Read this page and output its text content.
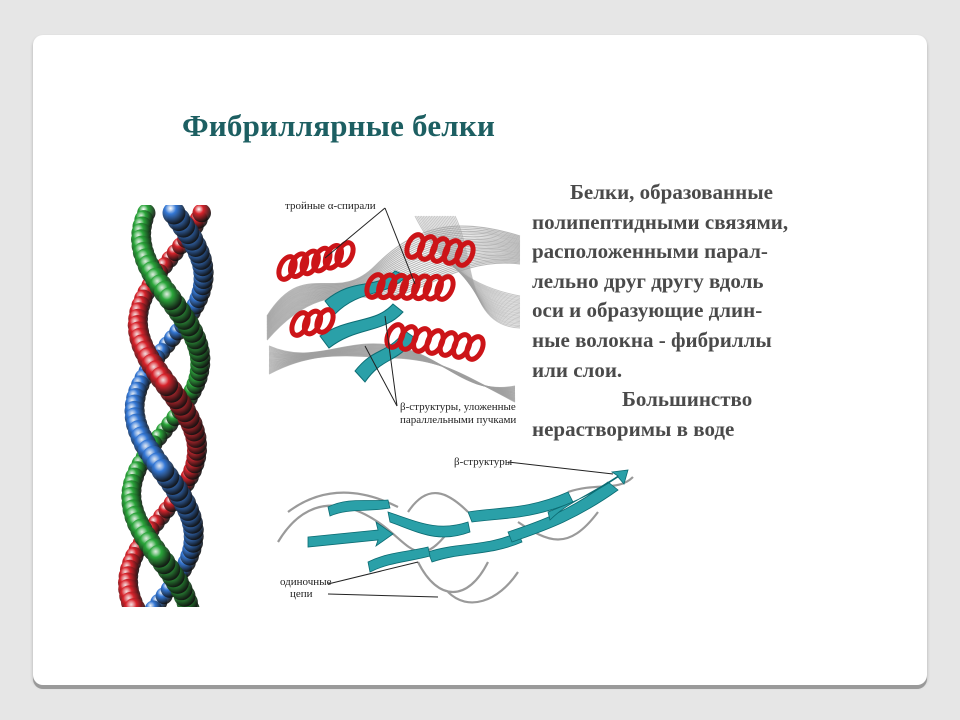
Фибриллярные белки

Белки, образованные

полипептидными связями,

расположенными парал-

лельно друг другу вдоль

оси и образующие длин-

ные волокна - фибриллы

или слои.

Большинство

нерастворимы в воде

тройные α-спирали
β-структуры, уложенные
параллельными пучками
β-структуры
одиночные
цепи
